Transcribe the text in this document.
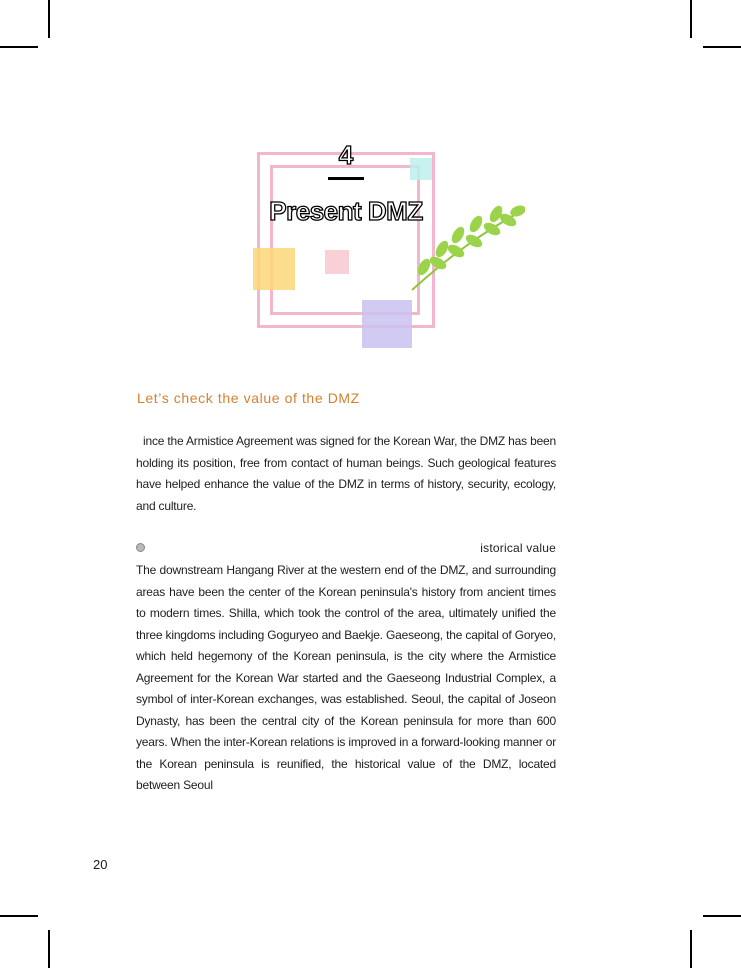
4
Present DMZ
Let’s check the value of the DMZ
ince the Armistice Agreement was signed for the Korean War, the DMZ has been holding its position, free from contact of human beings. Such geological features have helped enhance the value of the DMZ in terms of history, security, ecology, and culture.
istorical value
The downstream Hangang River at the western end of the DMZ, and surrounding areas have been the center of the Korean peninsula's history from ancient times to modern times. Shilla, which took the control of the area, ultimately unified the three kingdoms including Goguryeo and Baekje. Gaeseong, the capital of Goryeo, which held hegemony of the Korean peninsula, is the city where the Armistice Agreement for the Korean War started and the Gaeseong Industrial Complex, a symbol of inter-Korean exchanges, was established. Seoul, the capital of Joseon Dynasty, has been the central city of the Korean peninsula for more than 600 years. When the inter-Korean relations is improved in a forward-looking manner or the Korean peninsula is reunified, the historical value of the DMZ, located between Seoul
20
